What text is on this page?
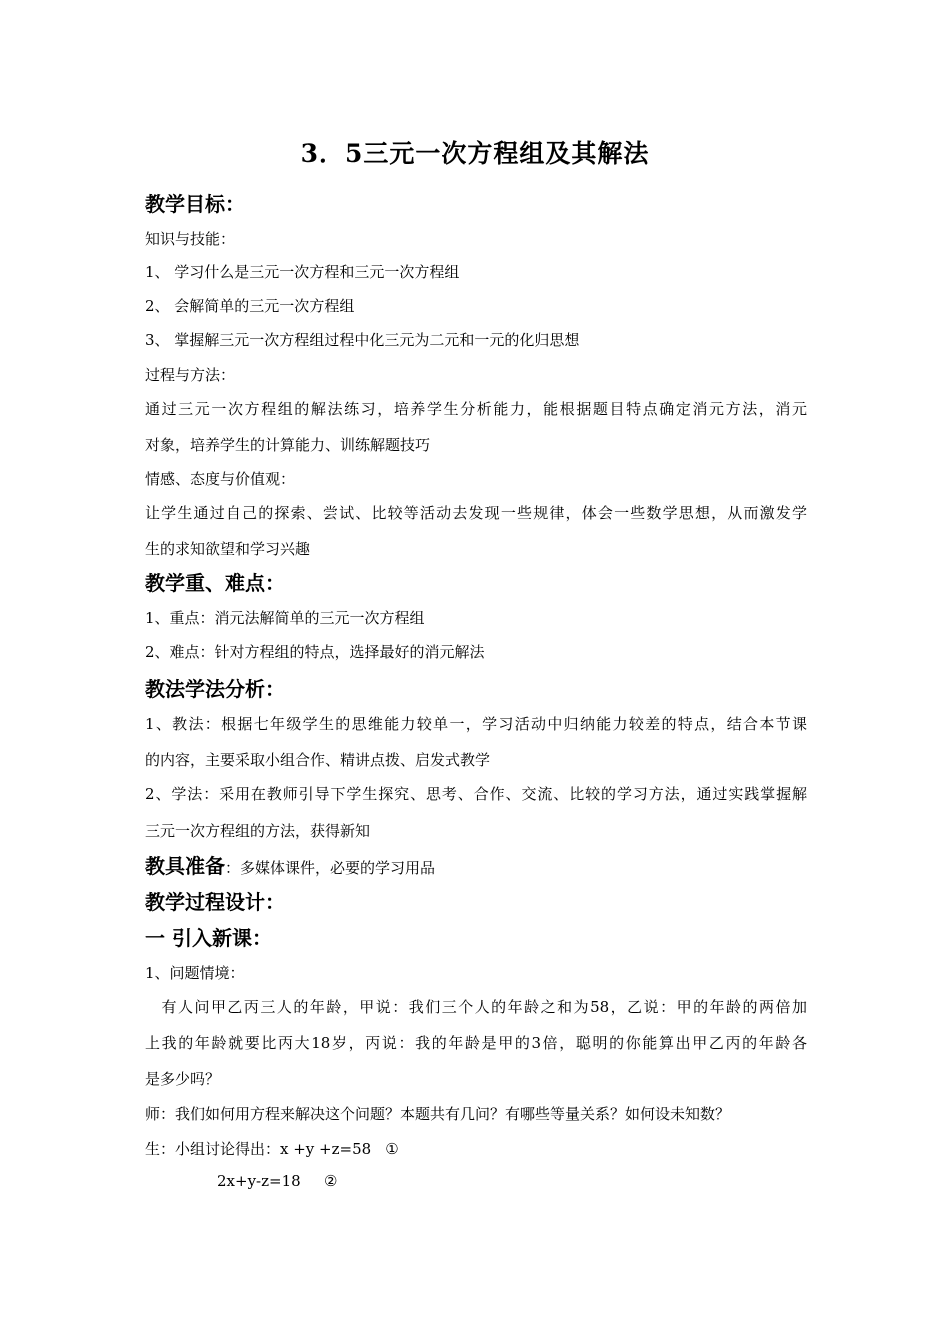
3．5三元一次方程组及其解法
教学目标：
知识与技能：
1、 学习什么是三元一次方程和三元一次方程组
2、 会解简单的三元一次方程组
3、 掌握解三元一次方程组过程中化三元为二元和一元的化归思想
过程与方法：
通过三元一次方程组的解法练习，培养学生分析能力，能根据题目特点确定消元方法，消元
对象，培养学生的计算能力、训练解题技巧
情感、态度与价值观：
让学生通过自己的探索、尝试、比较等活动去发现一些规律，体会一些数学思想，从而激发学
生的求知欲望和学习兴趣
教学重、难点：
1、重点：消元法解简单的三元一次方程组
2、难点：针对方程组的特点，选择最好的消元解法
教法学法分析：
1、教法：根据七年级学生的思维能力较单一，学习活动中归纳能力较差的特点，结合本节课
的内容，主要采取小组合作、精讲点拨、启发式教学
2、学法：采用在教师引导下学生探究、思考、合作、交流、比较的学习方法，通过实践掌握解
三元一次方程组的方法，获得新知
教具准备：多媒体课件，必要的学习用品
教学过程设计：
一 引入新课：
1、问题情境：
　有人问甲乙丙三人的年龄，甲说：我们三个人的年龄之和为58，乙说：甲的年龄的两倍加
上我的年龄就要比丙大18岁，丙说：我的年龄是甲的3倍，聪明的你能算出甲乙丙的年龄各
是多少吗？
师：我们如何用方程来解决这个问题？本题共有几问？有哪些等量关系？如何设未知数？
生：小组讨论得出：x +y +z=58 ①
2x+y-z=18 ②
